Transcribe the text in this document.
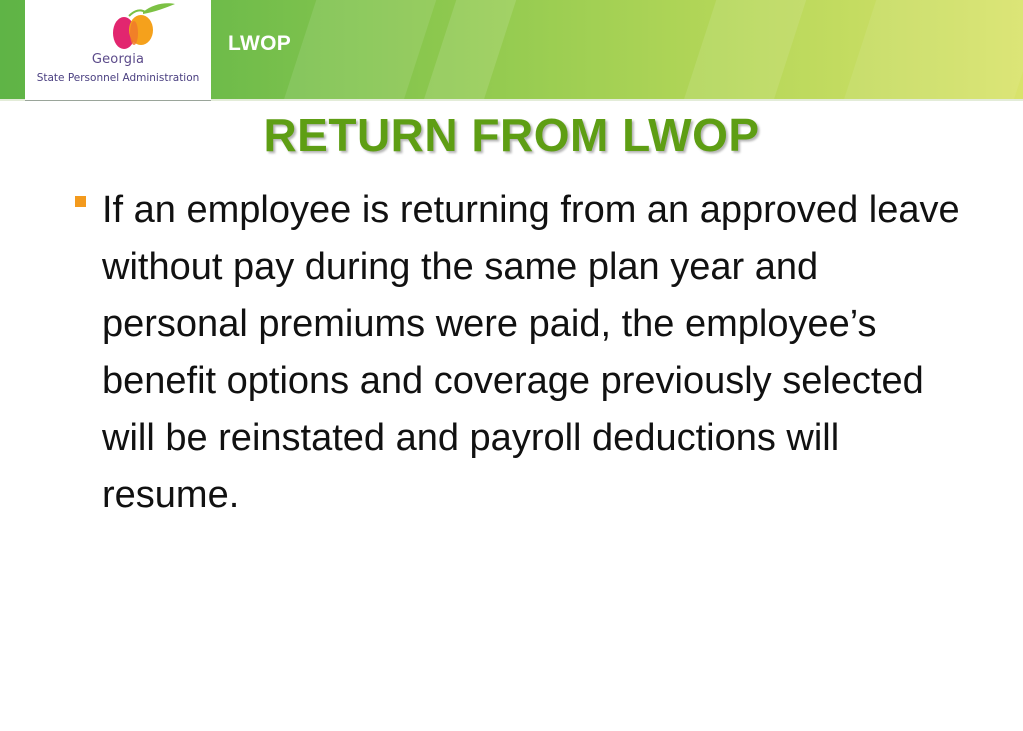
LWOP
Georgia
State Personnel Administration
RETURN FROM LWOP
If an employee is returning from an approved leave without pay during the same plan year and personal premiums were paid, the employee’s benefit options and coverage previously selected will be reinstated and payroll deductions will resume.
